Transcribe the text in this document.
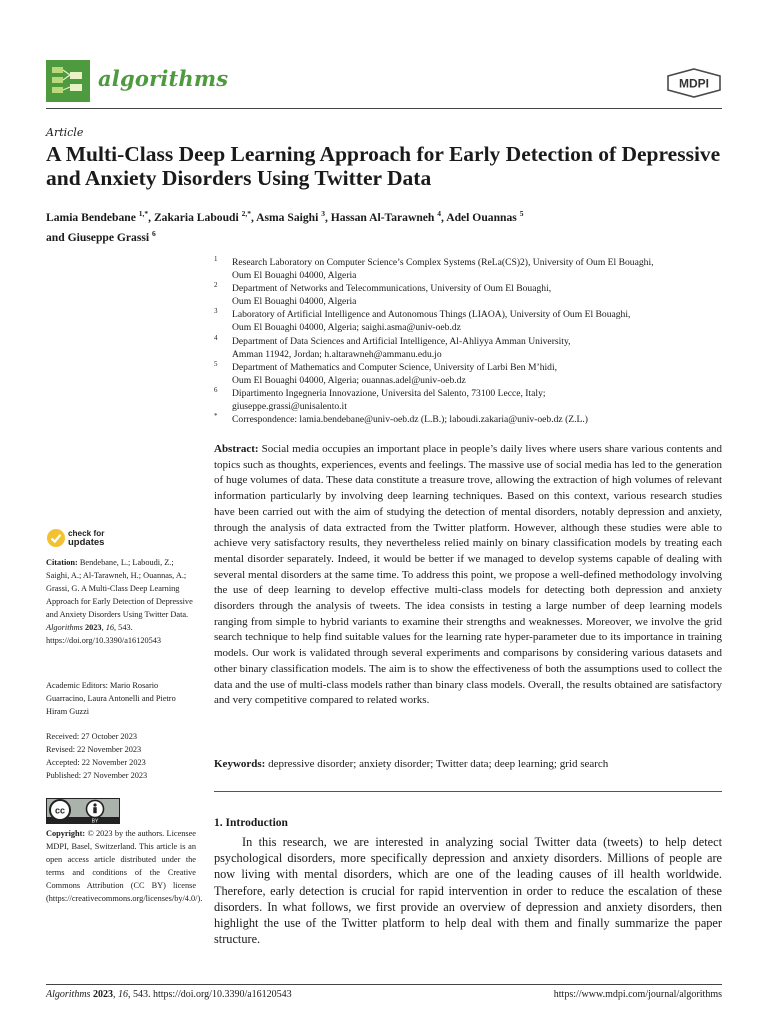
algorithms	MDPI
Article
A Multi-Class Deep Learning Approach for Early Detection of Depressive and Anxiety Disorders Using Twitter Data
Lamia Bendebane $^{1,*}$, Zakaria Laboudi $^{2,*}$, Asma Saighi $^3$, Hassan Al-Tarawneh $^4$, Adel Ouannas $^5$
and Giuseppe Grassi $^6$
1 Research Laboratory on Computer Science’s Complex Systems (ReLa(CS)2), University of Oum El Bouaghi,
Oum El Bouaghi 04000, Algeria
2 Department of Networks and Telecommunications, University of Oum El Bouaghi,
Oum El Bouaghi 04000, Algeria
3 Laboratory of Artificial Intelligence and Autonomous Things (LIAOA), University of Oum El Bouaghi,
Oum El Bouaghi 04000, Algeria; saighi.asma@univ-oeb.dz
4 Department of Data Sciences and Artificial Intelligence, Al-Ahliyya Amman University,
Amman 11942, Jordan; h.altarawneh@ammanu.edu.jo
5 Department of Mathematics and Computer Science, University of Larbi Ben M’hidi,
Oum El Bouaghi 04000, Algeria; ouannas.adel@univ-oeb.dz
6 Dipartimento Ingegneria Innovazione, Universita del Salento, 73100 Lecce, Italy;
giuseppe.grassi@unisalento.it
* Correspondence: lamia.bendebane@univ-oeb.dz (L.B.); laboudi.zakaria@univ-oeb.dz (Z.L.)
Abstract: Social media occupies an important place in people’s daily lives where users share various contents and topics such as thoughts, experiences, events and feelings. The massive use of social media has led to the generation of huge volumes of data. These data constitute a treasure trove, allowing the extraction of high volumes of relevant information particularly by involving deep learning techniques. Based on this context, various research studies have been carried out with the aim of studying the detection of mental disorders, notably depression and anxiety, through the analysis of data extracted from the Twitter platform. However, although these studies were able to achieve very satisfactory results, they nevertheless relied mainly on binary classification models by treating each mental disorder separately. Indeed, it would be better if we managed to develop systems capable of dealing with several mental disorders at the same time. To address this point, we propose a well-defined methodology involving the use of deep learning to develop effective multi-class models for detecting both depression and anxiety disorders through the analysis of tweets. The idea consists in testing a large number of deep learning models ranging from simple to hybrid variants to examine their strengths and weaknesses. Moreover, we involve the grid search technique to help find suitable values for the learning rate hyper-parameter due to its importance in training models. Our work is validated through several experiments and comparisons by considering various datasets and other binary classification models. The aim is to show the effectiveness of both the assumptions used to collect the data and the use of multi-class models rather than binary class models. Overall, the results obtained are satisfactory and very competitive compared to related works.
Keywords: depressive disorder; anxiety disorder; Twitter data; deep learning; grid search
1. Introduction
In this research, we are interested in analyzing social Twitter data (tweets) to help detect psychological disorders, more specifically depression and anxiety disorders. Millions of people are now living with mental disorders, which are one of the leading causes of ill health worldwide. Therefore, early detection is crucial for rapid intervention in order to reduce the escalation of these disorders. In what follows, we first provide an overview of depression and anxiety disorders, then highlight the use of the Twitter platform to help deal with them and finally summarize the paper structure.
check for
updates
Citation: Bendebane, L.; Laboudi, Z.; Saighi, A.; Al-Tarawneh, H.; Ouannas, A.; Grassi, G. A Multi-Class Deep Learning Approach for Early Detection of Depressive and Anxiety Disorders Using Twitter Data. Algorithms 2023, 16, 543. https://doi.org/10.3390/a16120543
Academic Editors: Mario Rosario Guarracino, Laura Antonelli and Pietro Hiram Guzzi
Received: 27 October 2023
Revised: 22 November 2023
Accepted: 22 November 2023
Published: 27 November 2023
cc
BY
Copyright: © 2023 by the authors. Licensee MDPI, Basel, Switzerland. This article is an open access article distributed under the terms and conditions of the Creative Commons Attribution (CC BY) license (https://creativecommons.org/licenses/by/4.0/).
Algorithms 2023, 16, 543. https://doi.org/10.3390/a16120543	https://www.mdpi.com/journal/algorithms
